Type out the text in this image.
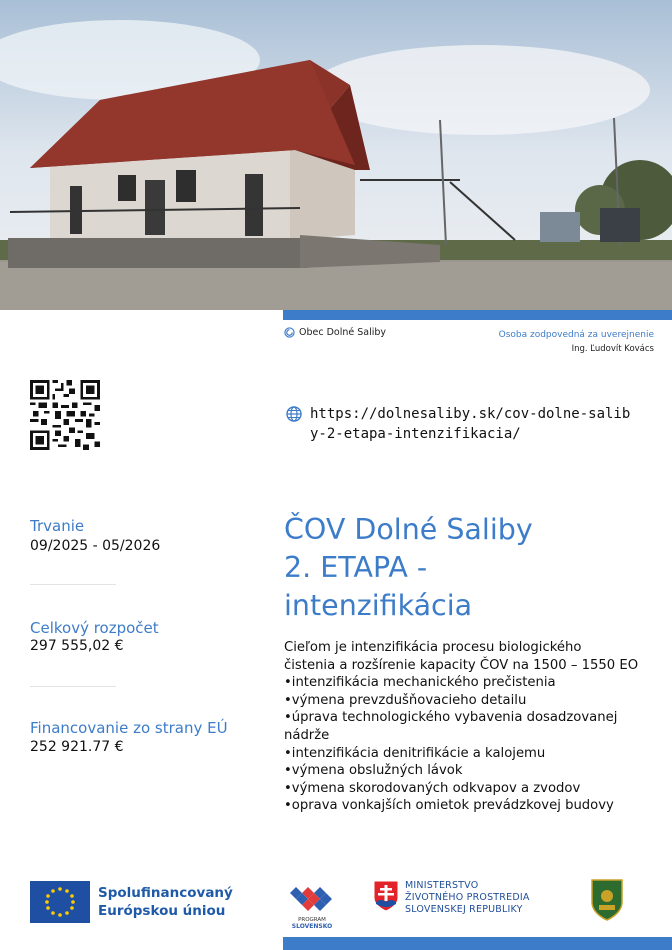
Obec Dolné Saliby	Osoba zodpovedná za uverejnenie
Ing. Ľudovít Kovács
https://dolnesaliby.sk/cov-dolne-saliby-2-etapa-intenzifikacia/
Trvanie
09/2025 - 05/2026
Celkový rozpočet
297 555,02 €
Financovanie zo strany EÚ
252 921.77 €
ČOV Dolné Saliby
2. ETAPA -
intenzifikácia
Cieľom je intenzifikácia procesu biologického
čistenia a rozšírenie kapacity ČOV na 1500 – 1550 EO
•intenzifikácia mechanického prečistenia
•výmena prevzdušňovacieho detailu
•úprava technologického vybavenia dosadzovanej
nádrže
•intenzifikácia denitrifikácie a kalojemu
•výmena obslužných lávok
•výmena skorodovaných odkvapov a zvodov
•oprava vonkajších omietok prevádzkovej budovy
Spolufinancovaný
Európskou úniou
PROGRAM
SLOVENSKO
MINISTERSTVO
ŽIVOTNÉHO PROSTREDIA
SLOVENSKEJ REPUBLIKY
